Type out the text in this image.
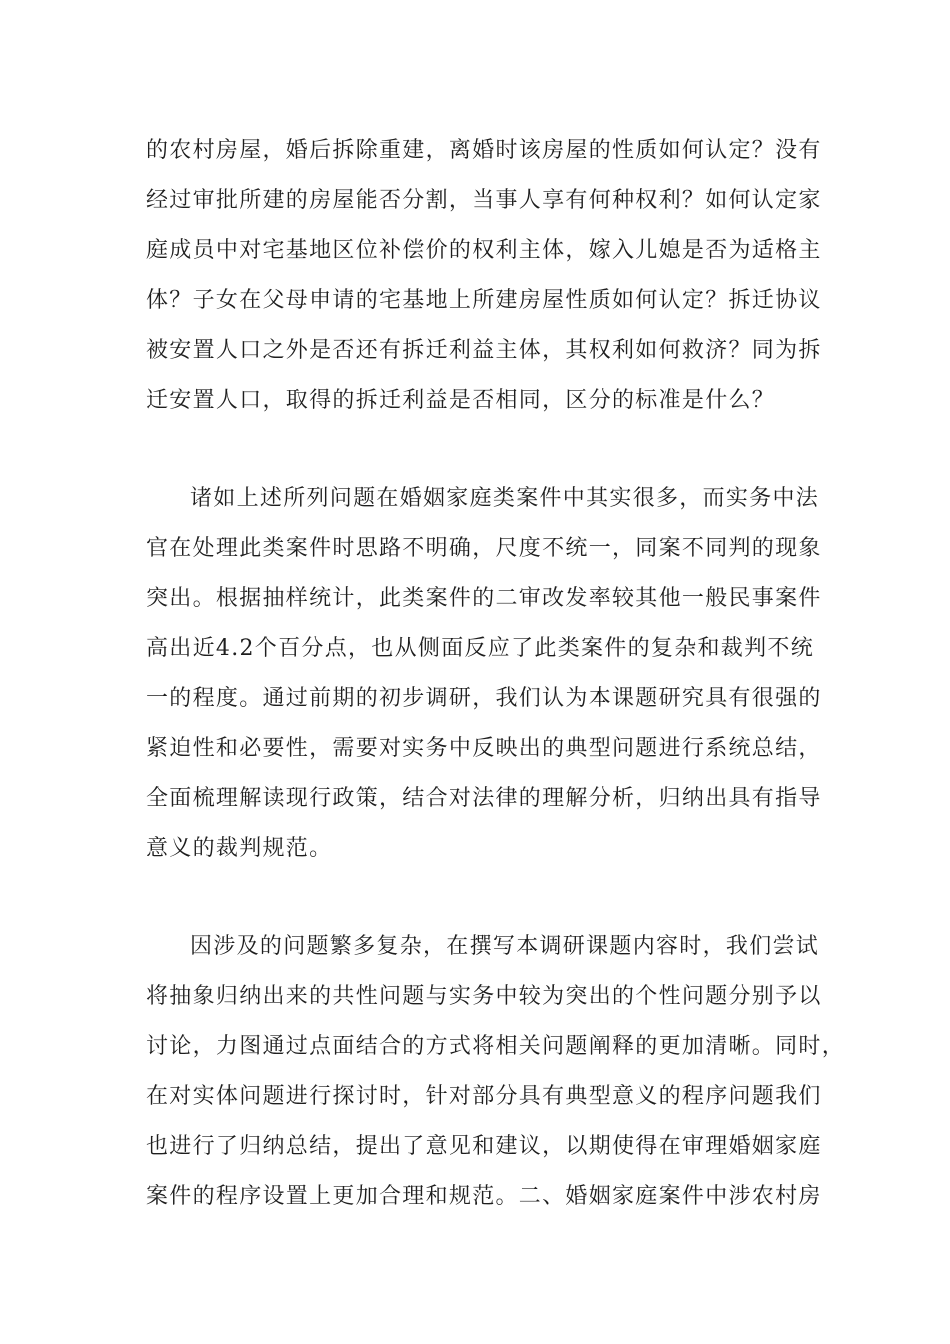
的农村房屋，婚后拆除重建，离婚时该房屋的性质如何认定？没有
经过审批所建的房屋能否分割，当事人享有何种权利？如何认定家
庭成员中对宅基地区位补偿价的权利主体，嫁入儿媳是否为适格主
体？子女在父母申请的宅基地上所建房屋性质如何认定？拆迁协议
被安置人口之外是否还有拆迁利益主体，其权利如何救济？同为拆
迁安置人口，取得的拆迁利益是否相同，区分的标准是什么？
诸如上述所列问题在婚姻家庭类案件中其实很多，而实务中法
官在处理此类案件时思路不明确，尺度不统一，同案不同判的现象
突出。根据抽样统计，此类案件的二审改发率较其他一般民事案件
高出近4.2个百分点，也从侧面反应了此类案件的复杂和裁判不统
一的程度。通过前期的初步调研，我们认为本课题研究具有很强的
紧迫性和必要性，需要对实务中反映出的典型问题进行系统总结，
全面梳理解读现行政策，结合对法律的理解分析，归纳出具有指导
意义的裁判规范。
因涉及的问题繁多复杂，在撰写本调研课题内容时，我们尝试
将抽象归纳出来的共性问题与实务中较为突出的个性问题分别予以
讨论，力图通过点面结合的方式将相关问题阐释的更加清晰。同时，
在对实体问题进行探讨时，针对部分具有典型意义的程序问题我们
也进行了归纳总结，提出了意见和建议，以期使得在审理婚姻家庭
案件的程序设置上更加合理和规范。二、婚姻家庭案件中涉农村房
